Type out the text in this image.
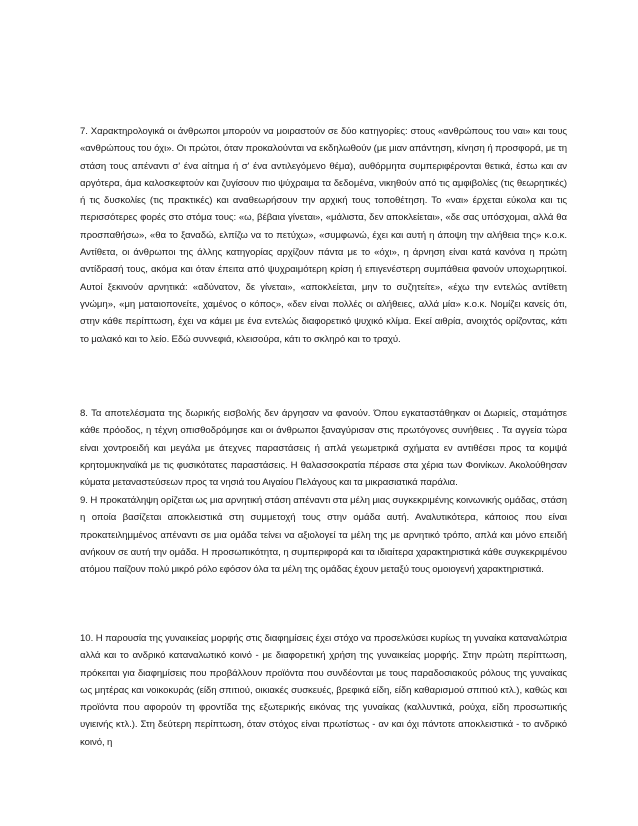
7. Χαρακτηρολογικά οι άνθρωποι μπορούν να μοιραστούν σε δύο κατηγορίες: στους «ανθρώπους του ναι» και τους «ανθρώπους του όχι». Οι πρώτοι, όταν προκαλούνται να εκδηλωθούν (με μιαν απάντηση, κίνηση ή προσφορά, με τη στάση τους απέναντι σ' ένα αίτημα ή σ' ένα αντιλεγόμενο θέμα), αυθόρμητα συμπεριφέρονται θετικά, έστω και αν αργότερα, άμα καλοσκεφτούν και ζυγίσουν πιο ψύχραιμα τα δεδομένα, νικηθούν από τις αμφιβολίες (τις θεωρητικές) ή τις δυσκολίες (τις πρακτικές) και αναθεωρήσουν την αρχική τους τοποθέτηση. Το «ναι» έρχεται εύκολα και τις περισσότερες φορές στο στόμα τους: «ω, βέβαια γίνεται», «μάλιστα, δεν αποκλείεται», «δε σας υπόσχομαι, αλλά θα προσπαθήσω», «θα το ξαναδώ, ελπίζω να το πετύχω», «συμφωνώ, έχει και αυτή η άποψη την αλήθεια της» κ.ο.κ. Αντίθετα, οι άνθρωποι της άλλης κατηγορίας αρχίζουν πάντα με το «όχι», η άρνηση είναι κατά κανόνα η πρώτη αντίδρασή τους, ακόμα και όταν έπειτα από ψυχραιμότερη κρίση ή επιγενέστερη συμπάθεια φανούν υποχωρητικοί. Αυτοί ξεκινούν αρνητικά: «αδύνατον, δε γίνεται», «αποκλείεται, μην το συζητείτε», «έχω την εντελώς αντίθετη γνώμη», «μη ματαιοπονείτε, χαμένος ο κόπος», «δεν είναι πολλές οι αλήθειες, αλλά μία» κ.ο.κ. Νομίζει κανείς ότι, στην κάθε περίπτωση, έχει να κάμει με ένα εντελώς διαφορετικό ψυχικό κλίμα. Εκεί αιθρία, ανοιχτός ορίζοντας, κάτι το μαλακό και το λείο. Εδώ συννεφιά, κλεισούρα, κάτι το σκληρό και το τραχύ.

8. Τα αποτελέσματα της δωρικής εισβολής δεν άργησαν να φανούν. Όπου εγκαταστάθηκαν οι Δωριείς, σταμάτησε κάθε πρόοδος, η τέχνη οπισθοδρόμησε και οι άνθρωποι ξαναγύρισαν στις πρωτόγονες συνήθειες . Τα αγγεία τώρα είναι χοντροειδή και μεγάλα με άτεχνες παραστάσεις ή απλά γεωμετρικά σχήματα εν αντιθέσει προς τα κομψά κρητομυκηναϊκά με τις φυσικότατες παραστάσεις. Η θαλασσοκρατία πέρασε στα χέρια των Φοινίκων. Ακολούθησαν κύματα μεταναστεύσεων προς τα νησιά του Αιγαίου Πελάγους και τα μικρασιατικά παράλια.

9. Η προκατάληψη ορίζεται ως μια αρνητική στάση απέναντι στα μέλη μιας συγκεκριμένης κοινωνικής ομάδας, στάση η οποία βασίζεται αποκλειστικά στη συμμετοχή τους στην ομάδα αυτή. Αναλυτικότερα, κάποιος που είναι προκατειλημμένος απέναντι σε μια ομάδα τείνει να αξιολογεί τα μέλη της με αρνητικό τρόπο, απλά και μόνο επειδή ανήκουν σε αυτή την ομάδα. Η προσωπικότητα, η συμπεριφορά και τα ιδιαίτερα χαρακτηριστικά κάθε συγκεκριμένου ατόμου παίζουν πολύ μικρό ρόλο εφόσον όλα τα μέλη της ομάδας έχουν μεταξύ τους ομοιογενή χαρακτηριστικά.

10. Η παρουσία της γυναικείας μορφής στις διαφημίσεις έχει στόχο να προσελκύσει κυρίως τη γυναίκα καταναλώτρια αλλά και το ανδρικό καταναλωτικό κοινό - με διαφορετική χρήση της γυναικείας μορφής. Στην πρώτη περίπτωση, πρόκειται για διαφημίσεις που προβάλλουν προϊόντα που συνδέονται με τους παραδοσιακούς ρόλους της γυναίκας ως μητέρας και νοικοκυράς (είδη σπιτιού, οικιακές συσκευές, βρεφικά είδη, είδη καθαρισμού σπιτιού κτλ.), καθώς και προϊόντα που αφορούν τη φροντίδα της εξωτερικής εικόνας της γυναίκας (καλλυντικά, ρούχα, είδη προσωπικής υγιεινής κτλ.). Στη δεύτερη περίπτωση, όταν στόχος είναι πρωτίστως - αν και όχι πάντοτε αποκλειστικά - το ανδρικό κοινό, η
